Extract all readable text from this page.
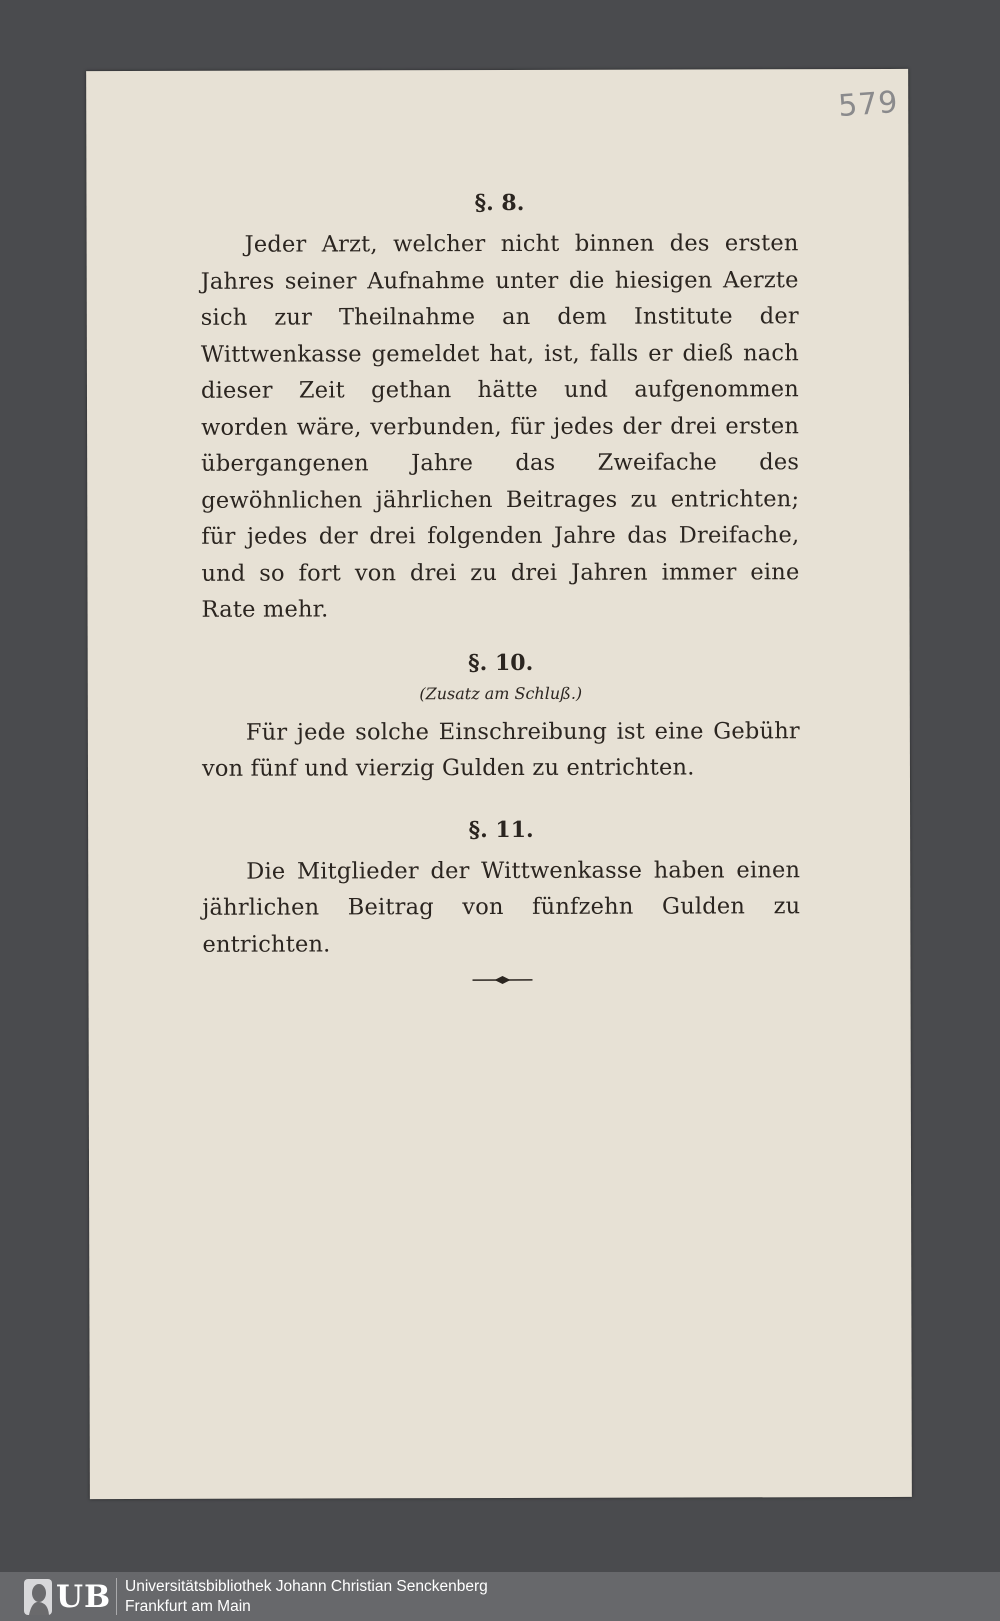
579
§. 8.

Jeder Arzt, welcher nicht binnen des ersten Jahres seiner Aufnahme unter die hiesigen Aerzte sich zur Theilnahme an dem Institute der Wittwenkasse gemeldet hat, ist, falls er dieß nach dieser Zeit gethan hätte und aufgenommen worden wäre, verbunden, für jedes der drei ersten übergangenen Jahre das Zweifache des gewöhnlichen jährlichen Beitrages zu entrichten; für jedes der drei folgenden Jahre das Dreifache, und so fort von drei zu drei Jahren immer eine Rate mehr.

§. 10.

(Zusatz am Schluß.)

Für jede solche Einschreibung ist eine Gebühr von fünf und vierzig Gulden zu entrichten.

§. 11.

Die Mitglieder der Wittwenkasse haben einen jährlichen Beitrag von fünfzehn Gulden zu entrichten.

UB Universitätsbibliothek Johann Christian Senckenberg
Frankfurt am Main
